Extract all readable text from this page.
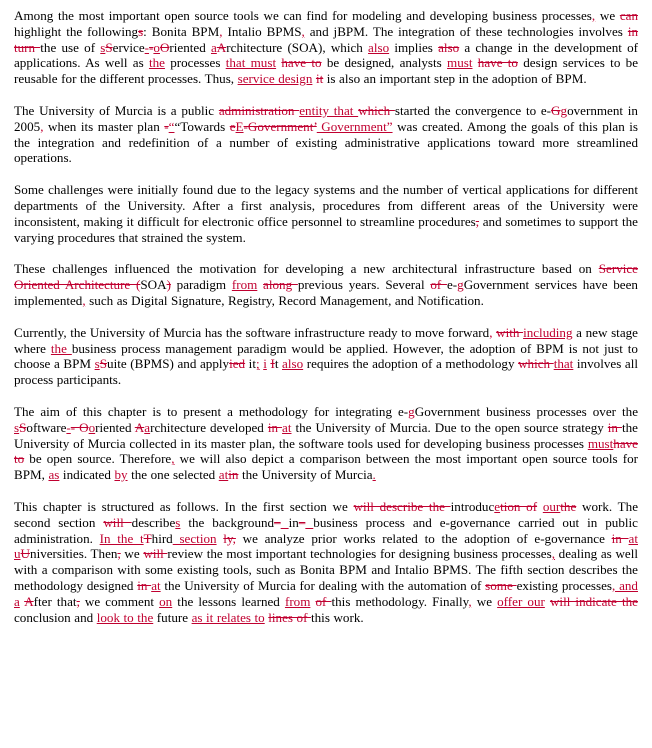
Among the most important open source tools we can find for modeling and developing business processes, we can highlight the followings: Bonita BPM, Intalio BPMS, and jBPM. The integration of these technologies involves in turn the use of sService--oOriented aArchitecture (SOA), which also implies also a change in the development of applications. As well as the processes that must have to be designed, analysts must have to design services to be reusable for the different processes. Thus, service design it is also an important step in the adoption of BPM.

The University of Murcia is a public administration entity that which started the convergence to e-Ggovernment in 2005, when its master plan -““Towards eE-Government’ Government” was created. Among the goals of this plan is the integration and redefinition of a number of existing administrative applications toward more streamlined operations.

Some challenges were initially found due to the legacy systems and the number of vertical applications for different departments of the University. After a first analysis, procedures from different areas of the University were inconsistent, making it difficult for electronic office personnel to streamline procedures, and sometimes to support the varying procedures that strained the system.

These challenges influenced the motivation for developing a new architectural infrastructure based on Service Oriented Architecture (SOA) paradigm from along previous years. Several of e-gGovernment services have been implemented, such as Digital Signature, Registry, Record Management, and Notification.

Currently, the University of Murcia has the software infrastructure ready to move forward, with including a new stage where the business process management paradigm would be applied. However, the adoption of BPM is not just to choose a BPM sSuite (BPMS) and applyied it; i It also requires the adoption of a methodology which that involves all process participants.

The aim of this chapter is to present a methodology for integrating e-gGovernment business processes over the sSoftware-- Ooriented Aarchitecture developed in at the University of Murcia. Due to the open source strategy in the University of Murcia collected in its master plan, the software tools used for developing business processes musthave to be open source. Therefore, we will also depict a comparison between the most important open source tools for BPM, as indicated by the one selected atin the University of Murcia.

This chapter is structured as follows. In the first section we will describe the introducetion of ourthe work. The second section will describes the background– in– business process and e-governance carried out in public administration. In the tThird section ly, we analyze prior works related to the adoption of e-governance in at uUniversities. Then, we will review the most important technologies for designing business processes, dealing as well with a comparison with some existing tools, such as Bonita BPM and Intalio BPMS. The fifth section describes the methodology designed in at the University of Murcia for dealing with the automation of some existing processes, and a After that, we comment on the lessons learned from of this methodology. Finally, we offer our will indicate the conclusion and look to the future as it relates to lines of this work.
